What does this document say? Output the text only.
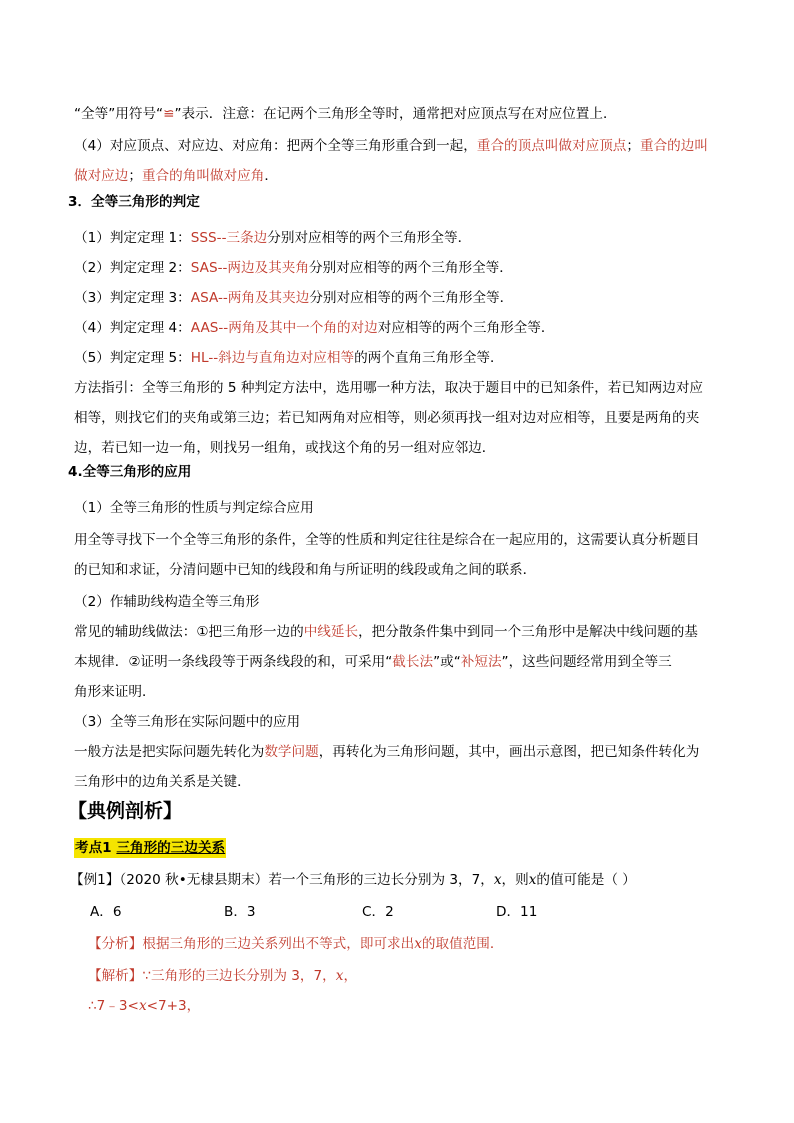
“全等”用符号“≌”表示．注意：在记两个三角形全等时，通常把对应顶点写在对应位置上．
（4）对应顶点、对应边、对应角：把两个全等三角形重合到一起，重合的顶点叫做对应顶点；重合的边叫
做对应边；重合的角叫做对应角．
3．全等三角形的判定
（1）判定定理 1：SSS--三条边分别对应相等的两个三角形全等．
（2）判定定理 2：SAS--两边及其夹角分别对应相等的两个三角形全等．
（3）判定定理 3：ASA--两角及其夹边分别对应相等的两个三角形全等．
（4）判定定理 4：AAS--两角及其中一个角的对边对应相等的两个三角形全等．
（5）判定定理 5：HL--斜边与直角边对应相等的两个直角三角形全等．
方法指引：全等三角形的 5 种判定方法中，选用哪一种方法，取决于题目中的已知条件，若已知两边对应
相等，则找它们的夹角或第三边；若已知两角对应相等，则必须再找一组对边对应相等，且要是两角的夹
边，若已知一边一角，则找另一组角，或找这个角的另一组对应邻边．
4.全等三角形的应用
（1）全等三角形的性质与判定综合应用
用全等寻找下一个全等三角形的条件，全等的性质和判定往往是综合在一起应用的，这需要认真分析题目
的已知和求证，分清问题中已知的线段和角与所证明的线段或角之间的联系．
（2）作辅助线构造全等三角形
常见的辅助线做法：①把三角形一边的中线延长，把分散条件集中到同一个三角形中是解决中线问题的基
本规律．②证明一条线段等于两条线段的和，可采用“截长法”或“补短法”，这些问题经常用到全等三
角形来证明．
（3）全等三角形在实际问题中的应用
一般方法是把实际问题先转化为数学问题，再转化为三角形问题，其中，画出示意图，把已知条件转化为
三角形中的边角关系是关键．
【典例剖析】
考点1 三角形的三边关系
【例1】（2020 秋•无棣县期末）若一个三角形的三边长分别为 3，7，x，则x的值可能是（ ）
A．6	B．3	C．2	D．11
【分析】根据三角形的三边关系列出不等式，即可求出x的取值范围．
【解析】∵三角形的三边长分别为 3，7，x，
∴7﹣3<x<7+3，
